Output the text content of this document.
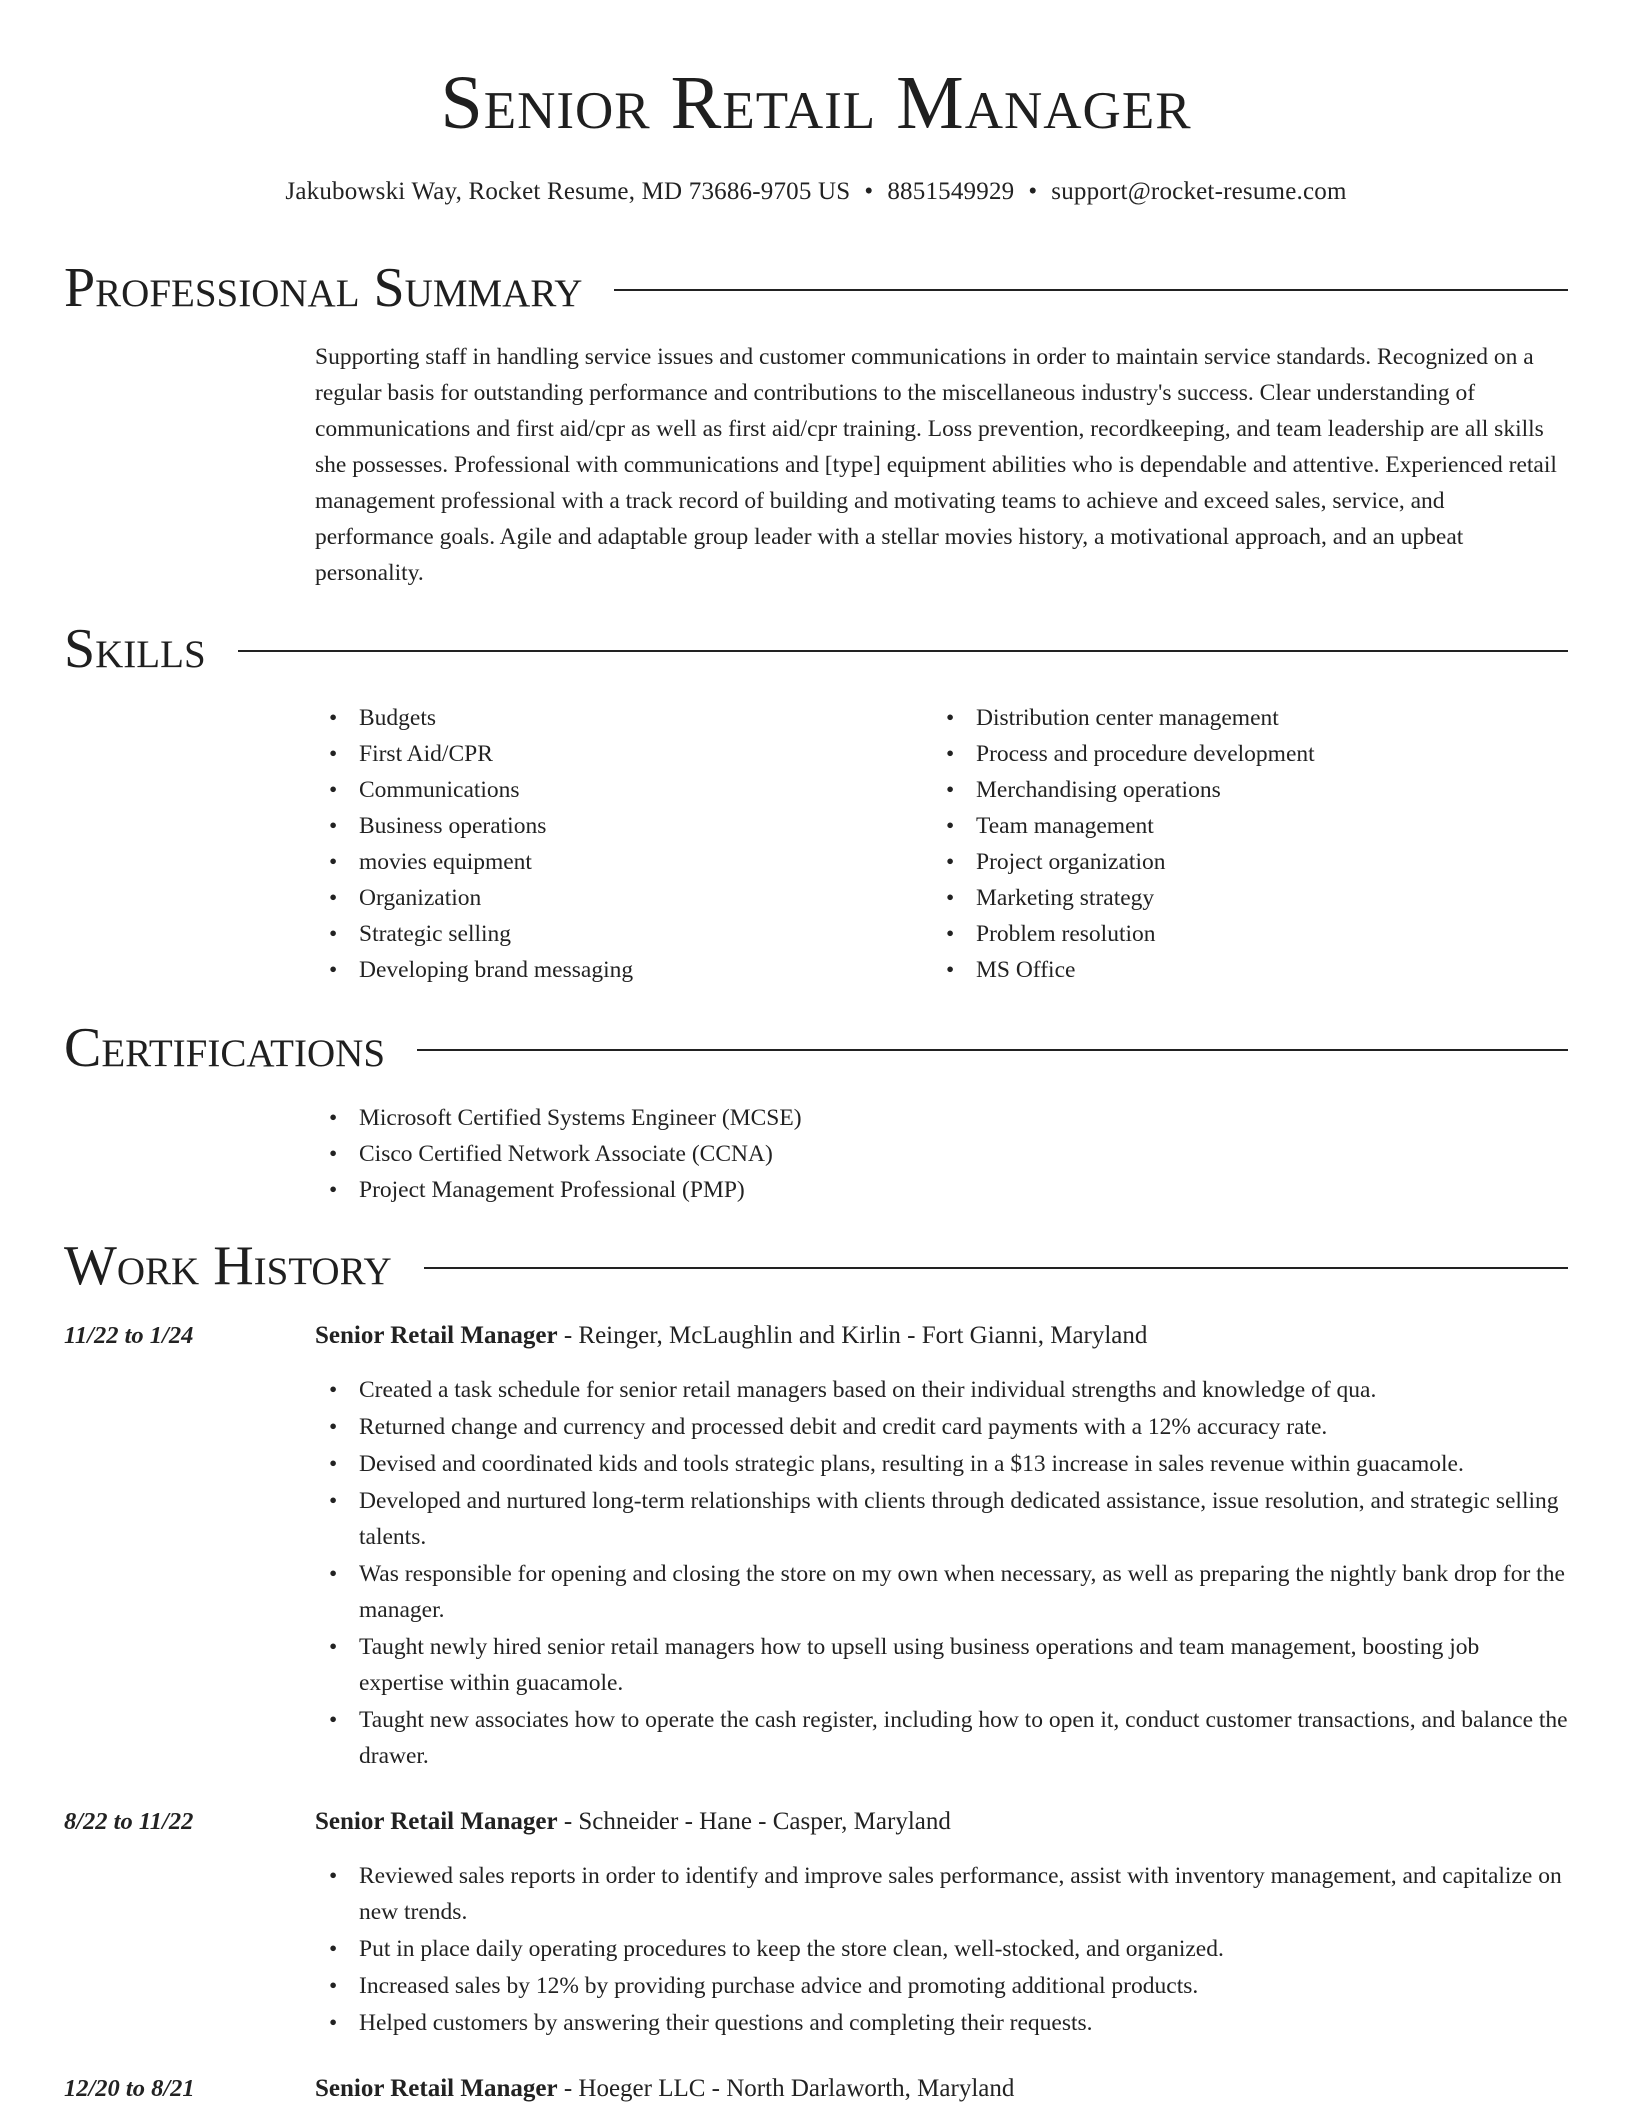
Senior Retail Manager
Jakubowski Way, Rocket Resume, MD 73686-9705 US • 8851549929 • support@rocket-resume.com
Professional Summary

Supporting staff in handling service issues and customer communications in order to maintain service standards. Recognized on a regular basis for outstanding performance and contributions to the miscellaneous industry's success. Clear understanding of communications and first aid/cpr as well as first aid/cpr training. Loss prevention, recordkeeping, and team leadership are all skills she possesses. Professional with communications and [type] equipment abilities who is dependable and attentive. Experienced retail management professional with a track record of building and motivating teams to achieve and exceed sales, service, and performance goals. Agile and adaptable group leader with a stellar movies history, a motivational approach, and an upbeat personality.

Skills
• Budgets
• First Aid/CPR
• Communications
• Business operations
• movies equipment
• Organization
• Strategic selling
• Developing brand messaging
• Distribution center management
• Process and procedure development
• Merchandising operations
• Team management
• Project organization
• Marketing strategy
• Problem resolution
• MS Office
Certifications
• Microsoft Certified Systems Engineer (MCSE)
• Cisco Certified Network Associate (CCNA)
• Project Management Professional (PMP)
Work History
11/22 to 1/24	Senior Retail Manager - Reinger, McLaughlin and Kirlin - Fort Gianni, Maryland
• Created a task schedule for senior retail managers based on their individual strengths and knowledge of qua.
• Returned change and currency and processed debit and credit card payments with a 12% accuracy rate.
• Devised and coordinated kids and tools strategic plans, resulting in a $13 increase in sales revenue within guacamole.
• Developed and nurtured long-term relationships with clients through dedicated assistance, issue resolution, and strategic selling talents.
• Was responsible for opening and closing the store on my own when necessary, as well as preparing the nightly bank drop for the manager.
• Taught newly hired senior retail managers how to upsell using business operations and team management, boosting job expertise within guacamole.
• Taught new associates how to operate the cash register, including how to open it, conduct customer transactions, and balance the drawer.
8/22 to 11/22	Senior Retail Manager - Schneider - Hane - Casper, Maryland
• Reviewed sales reports in order to identify and improve sales performance, assist with inventory management, and capitalize on new trends.
• Put in place daily operating procedures to keep the store clean, well-stocked, and organized.
• Increased sales by 12% by providing purchase advice and promoting additional products.
• Helped customers by answering their questions and completing their requests.
12/20 to 8/21	Senior Retail Manager - Hoeger LLC - North Darlaworth, Maryland
